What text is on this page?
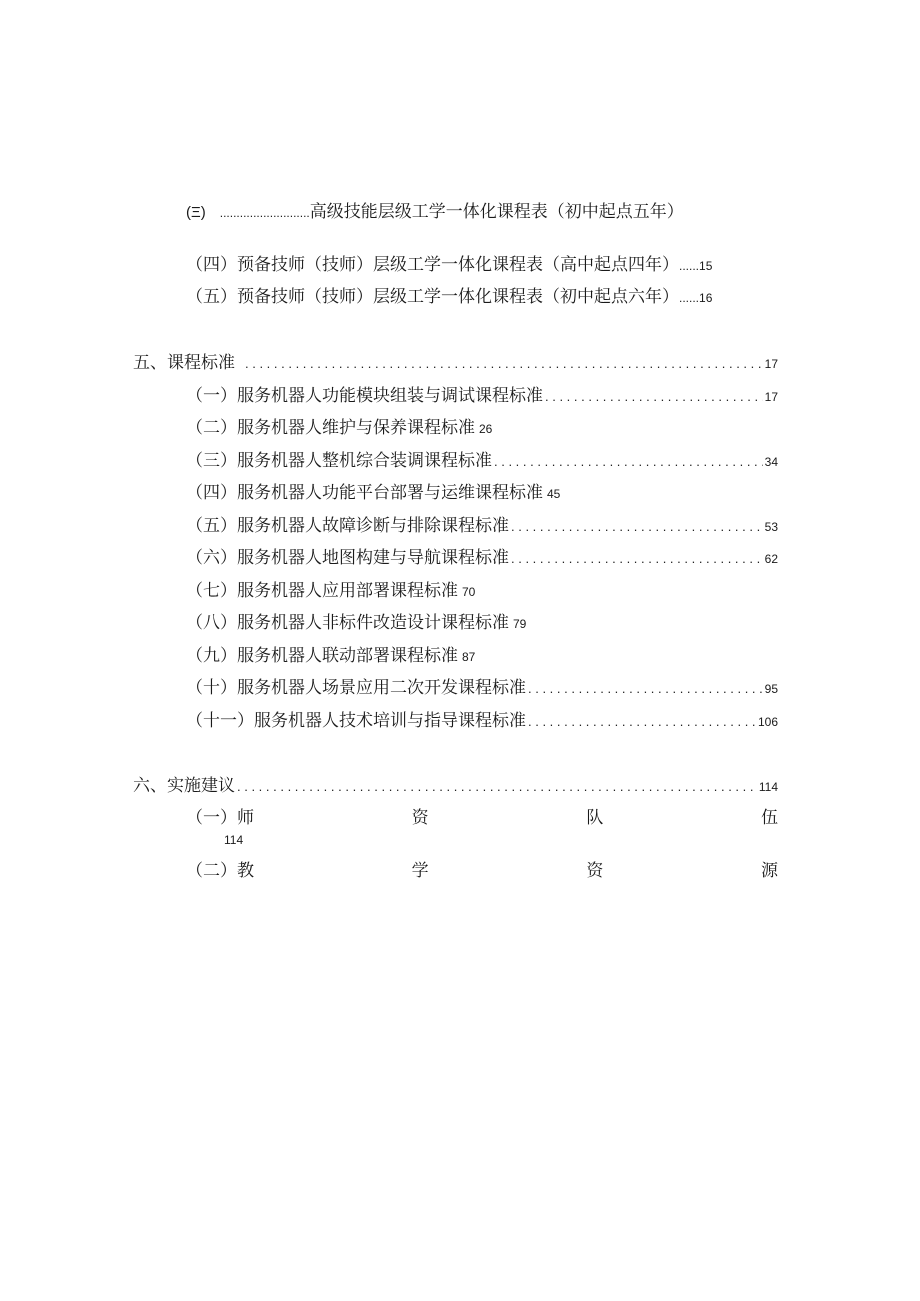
(Ξ) ........................... 高级技能层级工学一体化课程表（初中起点五年）
（四） 预备技师（技师）层级工学一体化课程表（高中起点四年） ...... 15
（五） 预备技师（技师）层级工学一体化课程表（初中起点六年） ...... 16
五、课程标准 . . .	17
（一）服务机器人功能模块组装与调试课程标准 . . .	17
（二）服务机器人维护与保养课程标准 26
（三）服务机器人整机综合装调课程标准 . . .	34
（四）服务机器人功能平台部署与运维课程标准 45
（五）服务机器人故障诊断与排除课程标准 . . .	53
（六）服务机器人地图构建与导航课程标准 . . .	62
（七）服务机器人应用部署课程标准 70
（八）服务机器人非标件改造设计课程标准 79
（九）服务机器人联动部署课程标准 87
（十）服务机器人场景应用二次开发课程标准 . . .	95
（十一）服务机器人技术培训与指导课程标准 . . .	106
六、实施建议 . . .	114
（一）师	资	队	伍
114
（二）教	学	资	源
